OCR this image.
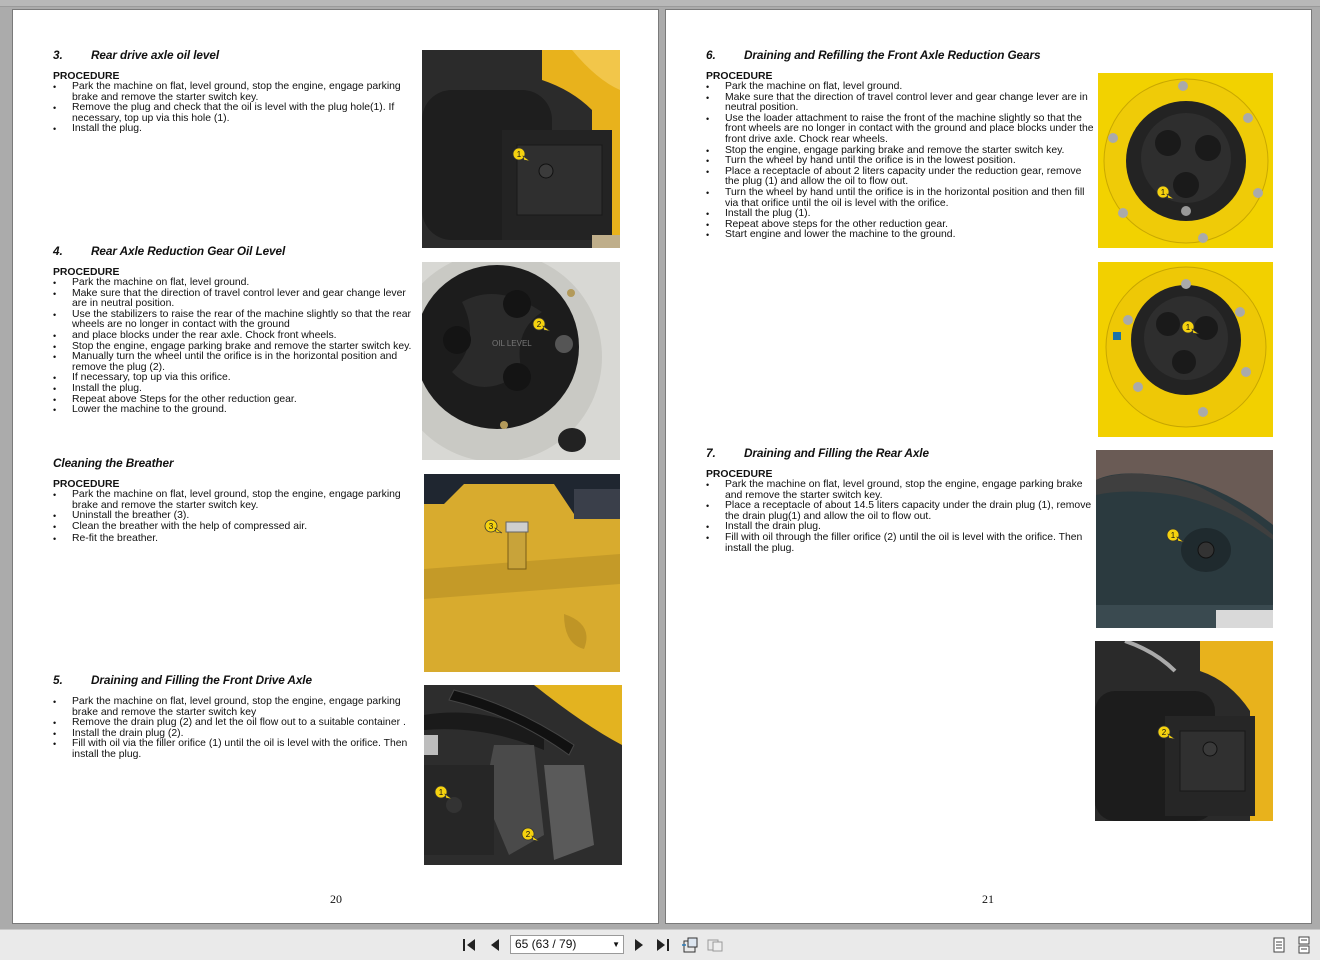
3. Rear drive axle oil level
PROCEDURE
• Park the machine on flat, level ground, stop the engine, engage parking brake and remove the starter switch key.
• Remove the plug and check that the oil is level with the plug hole(1). If necessary, top up via this hole (1).
• Install the plug.
1
4. Rear Axle Reduction Gear Oil Level
PROCEDURE
• Park the machine on flat, level ground.
• Make sure that the direction of travel control lever and gear change lever are in neutral position.
• Use the stabilizers to raise the rear of the machine slightly so that the rear wheels are no longer in contact with the ground
• and place blocks under the rear axle. Chock front wheels.
• Stop the engine, engage parking brake and remove the starter switch key.
• Manually turn the wheel until the orifice is in the horizontal position and remove the plug (2).
• If necessary, top up via this orifice.
• Install the plug.
• Repeat above Steps for the other reduction gear.
• Lower the machine to the ground.
OIL LEVEL
2
Cleaning the Breather
PROCEDURE
• Park the machine on flat, level ground, stop the engine, engage parking brake and remove the starter switch key.
• Uninstall the breather (3).
• Clean the breather with the help of compressed air.
• Re-fit the breather.
3
5. Draining and Filling the Front Drive Axle
• Park the machine on flat, level ground, stop the engine, engage parking brake and remove the starter switch key
• Remove the drain plug (2) and let the oil flow out to a suitable container .
• Install the drain plug (2).
• Fill with oil via the filler orifice (1) until the oil is level with the orifice. Then install the plug.
1
2
20
6. Draining and Refilling the Front Axle Reduction Gears
PROCEDURE
• Park the machine on flat, level ground.
• Make sure that the direction of travel control lever and gear change lever are in neutral position.
• Use the loader attachment to raise the front of the machine slightly so that the front wheels are no longer in contact with the ground and place blocks under the front drive axle. Chock rear wheels.
• Stop the engine, engage parking brake and remove the starter switch key.
• Turn the wheel by hand until the orifice is in the lowest position.
• Place a receptacle of about 2 liters capacity under the reduction gear, remove the plug (1) and allow the oil to flow out.
• Turn the wheel by hand until the orifice is in the horizontal position and then fill via that orifice until the oil is level with the orifice.
• Install the plug (1).
• Repeat above steps for the other reduction gear.
• Start engine and lower the machine to the ground.
1
1
7. Draining and Filling the Rear Axle
PROCEDURE
• Park the machine on flat, level ground, stop the engine, engage parking brake and remove the starter switch key.
• Place a receptacle of about 14.5 liters capacity under the drain plug (1), remove the drain plug(1) and allow the oil to flow out.
• Install the drain plug.
• Fill with oil through the filler orifice (2) until the oil is level with the orifice. Then install the plug.
1
2
21
65 (63 / 79)	▼
